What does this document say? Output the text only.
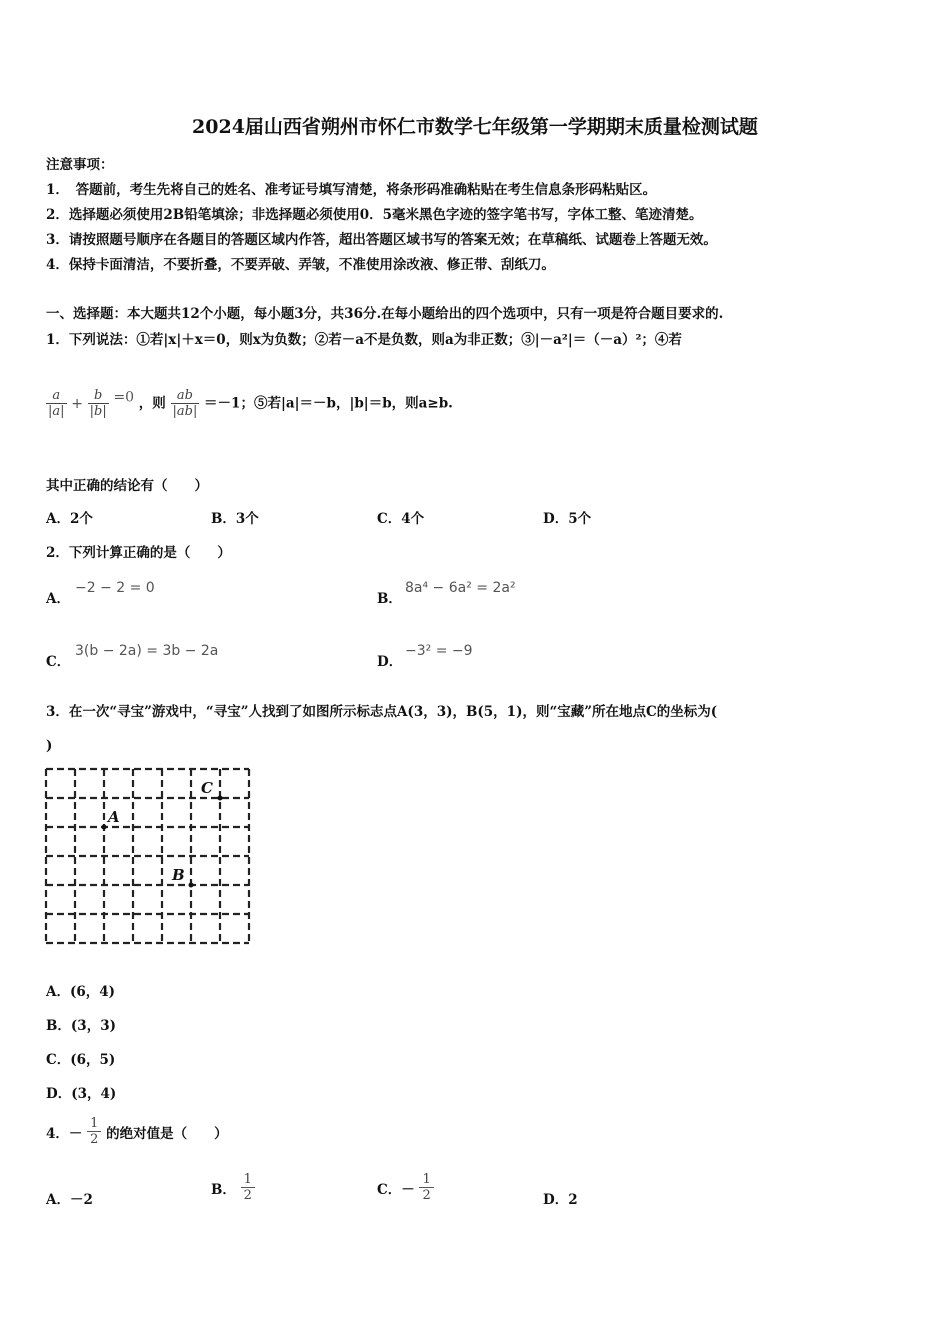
2024届山西省朔州市怀仁市数学七年级第一学期期末质量检测试题
注意事项：
1．　答题前，考生先将自己的姓名、准考证号填写清楚，将条形码准确粘贴在考生信息条形码粘贴区。
2．选择题必须使用2B铅笔填涂；非选择题必须使用0．5毫米黑色字迹的签字笔书写，字体工整、笔迹清楚。
3．请按照题号顺序在各题目的答题区域内作答，超出答题区域书写的答案无效；在草稿纸、试题卷上答题无效。
4．保持卡面清洁，不要折叠，不要弄破、弄皱，不准使用涂改液、修正带、刮纸刀。
一、选择题：本大题共12个小题，每小题3分，共36分.在每小题给出的四个选项中，只有一项是符合题目要求的.
1．下列说法：①若|x|＋x＝0，则x为负数；②若－a不是负数，则a为非正数；③|－a²|＝（－a）²；④若
$\frac{a}{|a|} + \frac{b}{|b|} =0$ ，则 $\frac{ab}{|ab|} =-1$；⑤若|a|＝－b，|b|＝b，则a≥b.
其中正确的结论有（　　）
A．2个	B．3个	C．4个	D．5个
2．下列计算正确的是（　　）
A．
−2 − 2 = 0
B．
8a⁴ − 6a² = 2a²
C．
3(b − 2a) = 3b − 2a
D．
−3² = −9
3．在一次“寻宝”游戏中，“寻宝”人找到了如图所示标志点A(3，3)，B(5，1)，则“宝藏”所在地点C的坐标为(
)
A
B
C
A．(6，4)
B．(3，3)
C．(6，5)
D．(3，4)
4．－ $\frac{1}{2}$ 的绝对值是（　　）
A．－2
B． $\frac{1}{2}$	C．－ $\frac{1}{2}$	D．2
